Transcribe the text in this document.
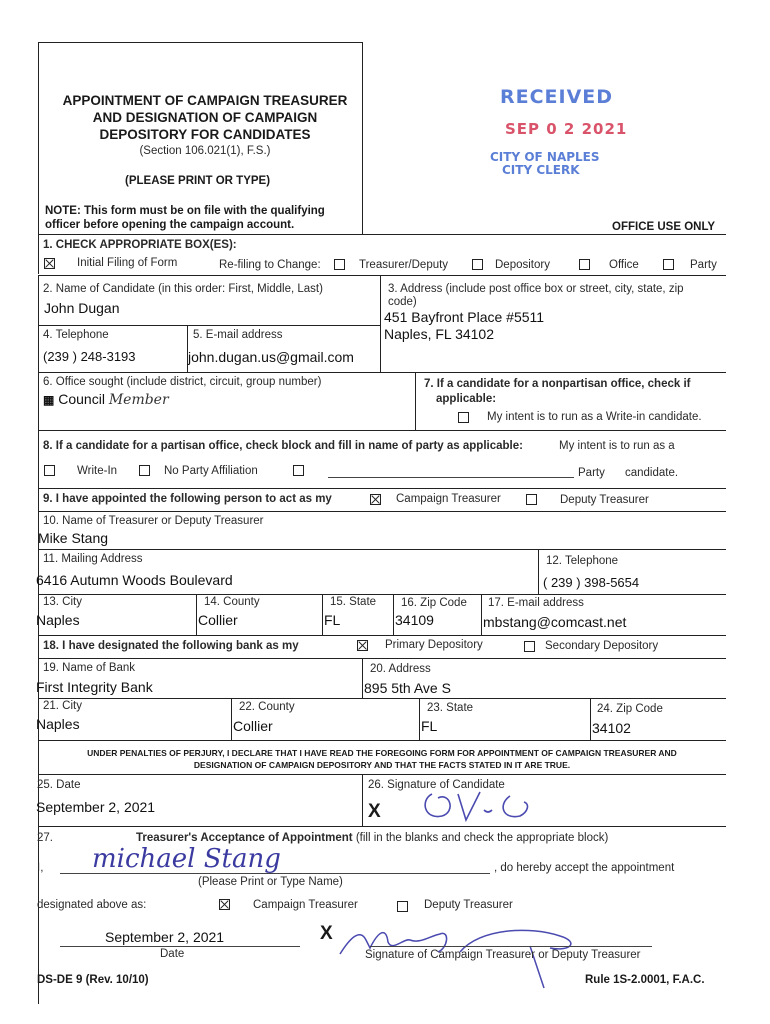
APPOINTMENT OF CAMPAIGN TREASURER
AND DESIGNATION OF CAMPAIGN
DEPOSITORY FOR CANDIDATES
(Section 106.021(1), F.S.)
(PLEASE PRINT OR TYPE)
NOTE: This form must be on file with the qualifying
officer before opening the campaign account.	OFFICE USE ONLY
RECEIVED
SEP 0 2 2021
CITY OF NAPLES
CITY CLERK
1. CHECK APPROPRIATE BOX(ES):
Initial Filing of Form	Re-filing to Change:	Treasurer/Deputy	Depository	Office	Party
2. Name of Candidate (in this order: First, Middle, Last)
John Dugan
3. Address (include post office box or street, city, state, zip
code)
451 Bayfront Place #5511
Naples, FL 34102
4. Telephone
(239 ) 248-3193
5. E-mail address
john.dugan.us@gmail.com
6. Office sought (include district, circuit, group number)
▦ Council Member
7. If a candidate for a nonpartisan office, check if
applicable:
My intent is to run as a Write-in candidate.
8. If a candidate for a partisan office, check block and fill in name of party as applicable:	My intent is to run as a
Write-In	No Party Affiliation	Party candidate.
9. I have appointed the following person to act as my	Campaign Treasurer	Deputy Treasurer
10. Name of Treasurer or Deputy Treasurer
Mike Stang
11. Mailing Address
6416 Autumn Woods Boulevard
12. Telephone
( 239 ) 398-5654
13. City
Naples
14. County
Collier
15. State
FL
16. Zip Code
34109
17. E-mail address
mbstang@comcast.net
18. I have designated the following bank as my	Primary Depository	Secondary Depository
19. Name of Bank
First Integrity Bank
20. Address
895 5th Ave S
21. City
Naples
22. County
Collier
23. State
FL
24. Zip Code
34102
UNDER PENALTIES OF PERJURY, I DECLARE THAT I HAVE READ THE FOREGOING FORM FOR APPOINTMENT OF CAMPAIGN TREASURER AND
DESIGNATION OF CAMPAIGN DEPOSITORY AND THAT THE FACTS STATED IN IT ARE TRUE.
25. Date
September 2, 2021
26. Signature of Candidate
X
27.	Treasurer's Acceptance of Appointment (fill in the blanks and check the appropriate block)
I, michael Stang	, do hereby accept the appointment
(Please Print or Type Name)
designated above as:	Campaign Treasurer	Deputy Treasurer
September 2, 2021
Date
X
Signature of Campaign Treasurer or Deputy Treasurer
DS-DE 9 (Rev. 10/10)	Rule 1S-2.0001, F.A.C.
